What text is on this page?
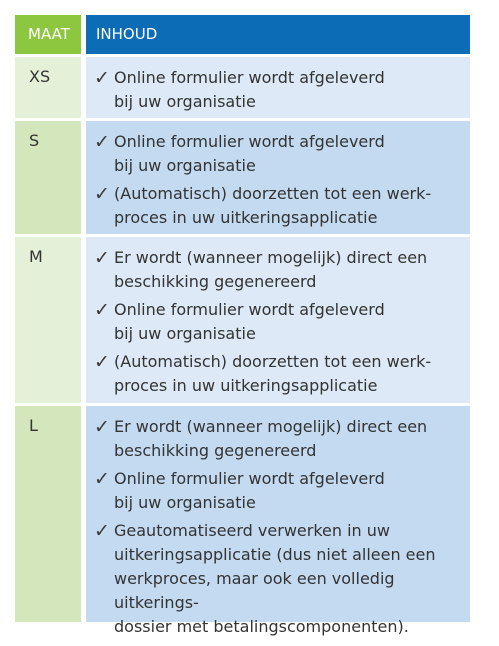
MAAT	INHOUD
XS	✓ Online formulier wordt afgeleverd
bij uw organisatie
S	✓ Online formulier wordt afgeleverd
bij uw organisatie
✓ (Automatisch) doorzetten tot een werk-
proces in uw uitkeringsapplicatie
M	✓ Er wordt (wanneer mogelijk) direct een
beschikking gegenereerd
✓ Online formulier wordt afgeleverd
bij uw organisatie
✓ (Automatisch) doorzetten tot een werk-
proces in uw uitkeringsapplicatie
L	✓ Er wordt (wanneer mogelijk) direct een
beschikking gegenereerd
✓ Online formulier wordt afgeleverd
bij uw organisatie
✓ Geautomatiseerd verwerken in uw
uitkeringsapplicatie (dus niet alleen een
werkproces, maar ook een volledig uitkerings-
dossier met betalingscomponenten).
